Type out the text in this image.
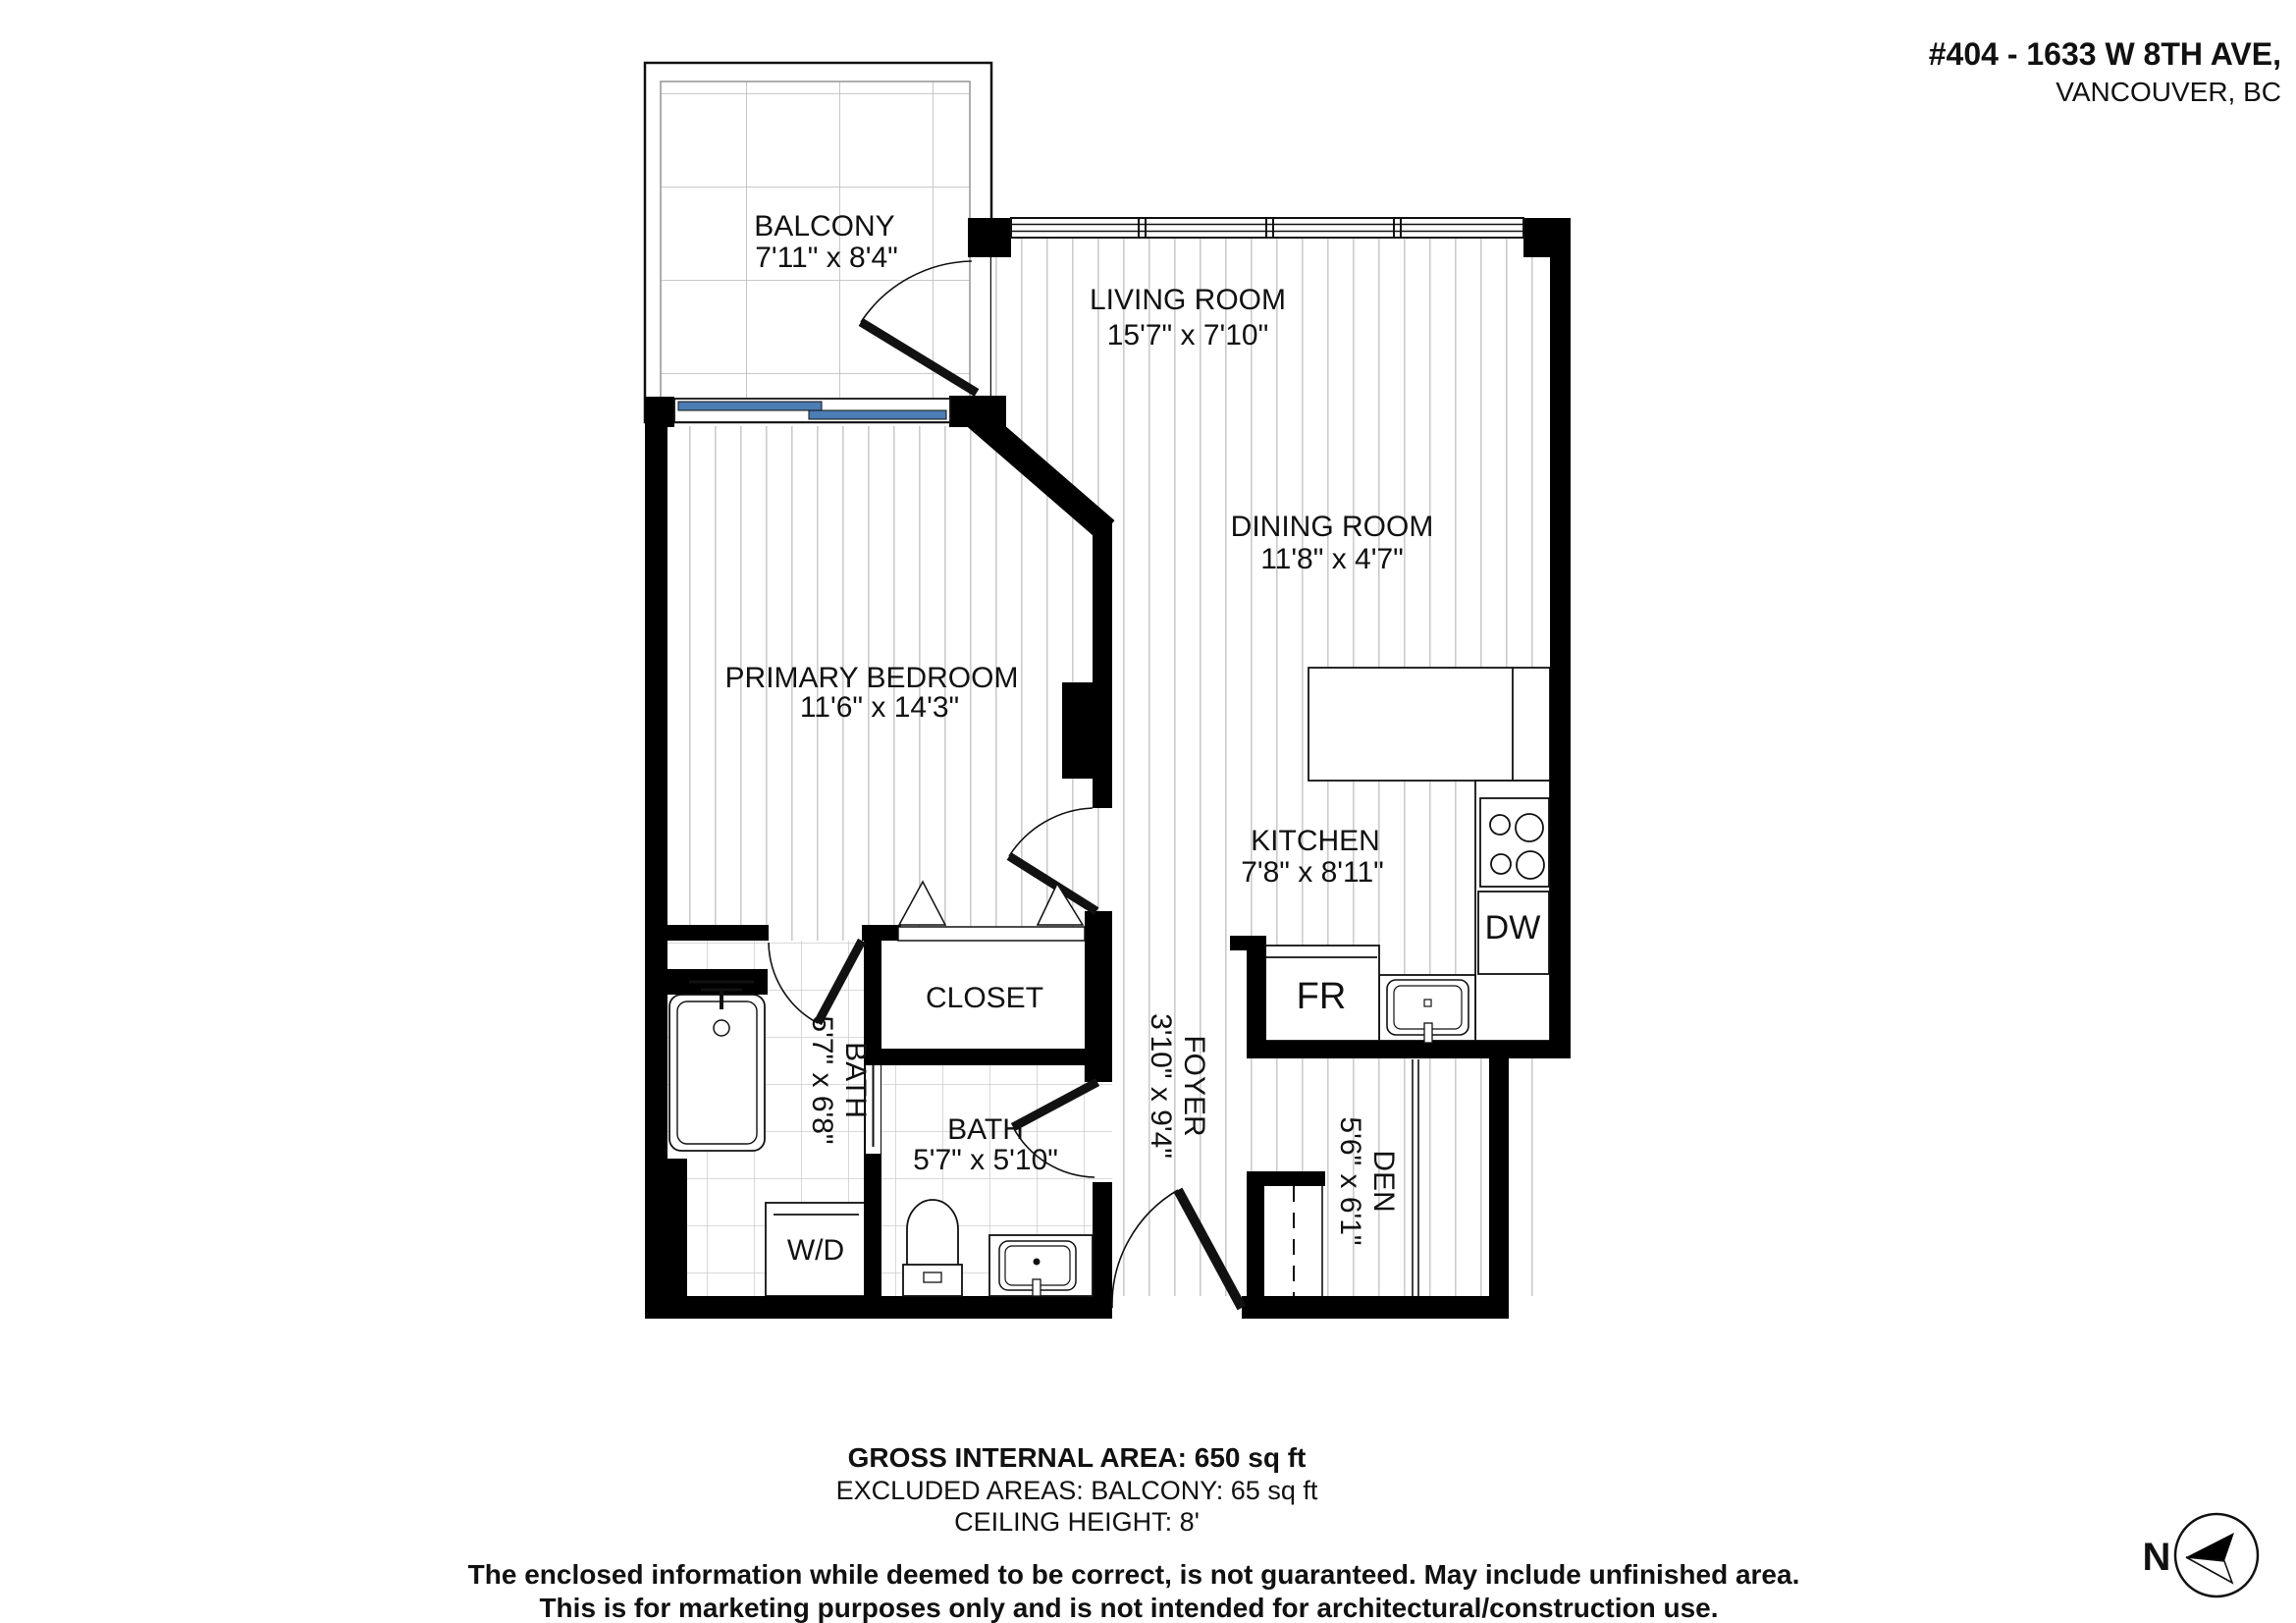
BALCONY
7'11" x 8'4"
LIVING ROOM
15'7" x 7'10"
DINING ROOM
11'8" x 4'7"
PRIMARY BEDROOM
11'6" x 14'3"
KITCHEN
7'8" x 8'11"
CLOSET
BATH
5'7" x 5'10"
BATH
5'7" x 6'8"	FOYER
3'10" x 9'4"
DEN
5'6" x 6'1"
W/D
FR
DW
#404 - 1633 W 8TH AVE,
VANCOUVER, BC
GROSS INTERNAL AREA: 650 sq ft
EXCLUDED AREAS: BALCONY: 65 sq ft
CEILING HEIGHT: 8'
The enclosed information while deemed to be correct, is not guaranteed. May include unfinished area.
This is for marketing purposes only and is not intended for architectural/construction use.
N
